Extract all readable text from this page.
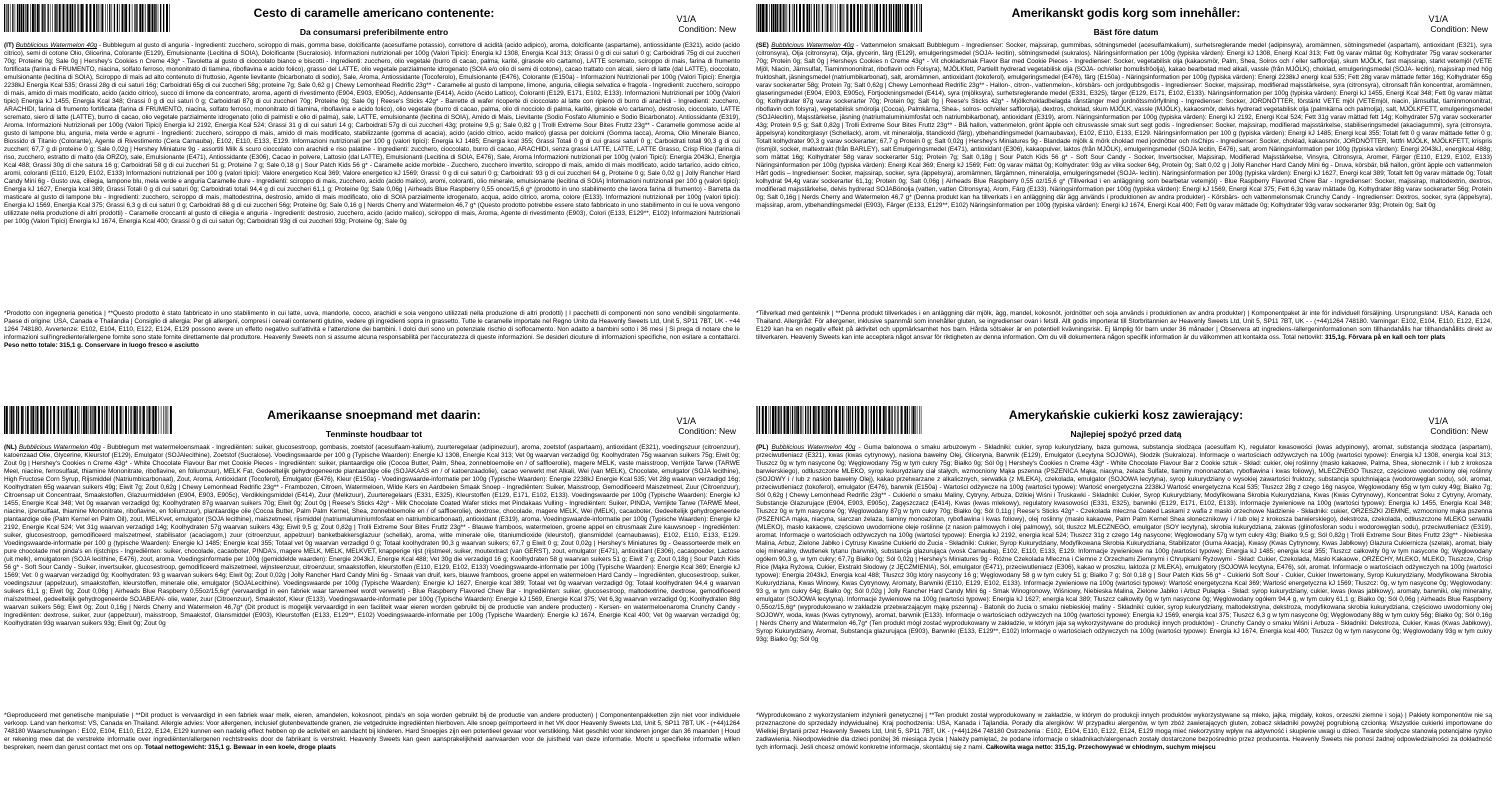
Cesto di caramelle americano contenente:
Da consumarsi preferibilmente entro
V1/A
Condition: New

(IT) Bubblicious Watermelon 40g - Bubblegum al gusto di anguria - Ingredienti: zucchero, sciroppo di mais, gomma base, dolcificante (acesulfame potassio), correttore di acidità (acido adipico), aroma, dolcificante (aspartame), antiossidante (E321), acido (acido citrico), semi di cotone Olio, Glicerina, Colorante (E129), Emulsionante (Lecitina di SOIA), Dolcificante (Sucralosio). Informazioni nutrizionali per 100g (Valori Tipici): Energia kJ 1308, Energia Kcal 313; Grassi 0 g di cui saturi 0 g; Carboidrati 75g di cui zuccheri 70g; Proteine 0g; Sale 0g | Hershey's Cookies n Creme 43g* - Tavoletta al gusto di cioccolato bianco e biscotti - Ingredienti: zucchero, olio vegetale (burro di cacao, palma, karité, girasole e/o cartamo), LATTE scremato, sciroppo di mais, farina di frumento fortificata (farina di FRUMENTO, niacina, solfato ferroso, mononitrato di tiamina, riboflavina e acido folico), grasso del LATTE, olio vegetale parzialmente idrogenato (SOIA e/o olio di semi di cotone), cacao trattato con alcali, siero di latte (dal LATTE), cioccolato, emulsionante (lecitina di SOIA), Sciroppo di mais ad alto contenuto di fruttosio, Agente lievitante (bicarbonato di sodio), Sale, Aroma, Antiossidante (Tocoferolo), Emulsionante (E476), Colorante (E150a) - Informazioni Nutrizionali per 100g (Valori Tipici): Energia 2238kJ Energia Kcal 535; Grassi 28g di cui saturi 16g; Carboidrati 65g di cui zuccheri 58g; proteine 7g; Sale 0,62 g | Chewy Lemonhead Redrific 23g** - Caramelle al gusto di lampone, limone, anguria, ciliegia selvatica e fragola - Ingredienti: zucchero, sciroppo di mais, amido di mais modificato, acido (acido citrico), succo di limone da concentrato, aroma, agenti di rivestimento (E904, E903, E905c), Addensante (E414), Acido (Acido Lattico), Coloranti (E129, E171, E102, E133). Informazioni Nutrizionali per 100g (Valori tipici) Energia kJ 1455, Energia Kcal 348; Grassi 0 g di cui saturi 0 g; Carboidrati 87g di cui zuccheri 70g; Proteine 0g; Sale 0g | Reese's Sticks 42g* - Barrette di wafer ricoperte di cioccolato al latte con ripieno di burro di arachidi - Ingredienti: zucchero, ARACHIDI, farina di frumento fortificata (farina di FRUMENTO, niacina, solfato ferroso, mononitrato di tiamina, riboflavina e acido folico), olio vegetale (burro di cacao, palma, olio di nocciolo di palma, karité, girasole e/o cartamo), destrosio, cioccolato, LATTE scremato, siero di latte (LATTE), burro di cacao, olio vegetale parzialmente idrogenato (olio di palmisti e olio di palma), sale, LATTE, emulsionante (lecitina di SOIA), Amido di Mais, Lievitante (Sodio Fosfato Alluminio e Sodio Bicarbonato). Antiossidante (E319), Aroma. Informazioni Nutrizionali per 100g (Valori Tipici) Energia kJ 2192, Energia Kcal 524; Grassi 31 g di cui saturi 14 g; Carboidrati 57g di cui zuccheri 43g; proteine 9,5 g; Sale 0,82 g | Trolli Extreme Sour Bites Fruttz 23g** - Caramelle gommose acide al gusto di lampone blu, anguria, mela verde e agrumi - Ingredienti: zucchero, sciroppo di mais, amido di mais modificato, stabilizzante (gomma di acacia), acido (acido citrico, acido malico) glassa per dolciumi (Gomma lacca), Aroma, Olio Minerale Bianco, Biossido di Titanio (Colorante), Agente di Rivestimento (Cera Carnauba), E102, E110, E133, E129. Informazioni nutrizionali per 100 g (valori tipici): Energia kJ 1485; Energia kcal 355; Grassi Totali 0 g di cui grassi saturi 0 g; Carboidrati totali 90,3 g di cui zuccheri; 67,7 g di proteine 0 g; Sale 0,02g | Hershey Miniature 9g - assortiti Milk & scuro cioccolato con arachidi e riso palatine - Ingredienti: zucchero, cioccolato, burro di cacao, ARACHIDI, senza grassi LATTE, LATTE, LATTE Grasso, Crisp Rice (farina di riso, zucchero, estratto di malto (da ORZO), sale, Emulsionante (E471), Antiossidante (E306), Cacao in polvere, Lattosio (dal LATTE), Emulsionanti (Lecitina di SOIA, E476), Sale, Aroma Informazioni nutrizionali per 100g (valori Tipici): Energia 2043kJ, Energia Kcal 488; Grassi 30g di che satura 16 g; Carboidrati 58 g di cui zuccheri 51 g; Proteine 7 g; Sale 0,18 g | Sour Patch Kids 56 g* - Caramelle acide morbide - Zucchero, zucchero invertito, sciroppo di mais, amido di mais modificato, acido tartarico, acido citrico, aromi, coloranti (E110, E129, E102, E133) Informazioni nutrizionali per 100 g (valori tipici): Valore energetico Kcal 369; Valore energetico kJ 1569; Grassi: 0 g di cui saturi 0 g; Carboidrati: 93 g di cui zuccheri 64 g, Proteine 0 g; Sale 0,02 g | Jolly Rancher Hard Candy Mini 6g - Gusto uva, ciliegia, lampone blu, mela verde e anguria Caramelle dure - Ingredienti: sciroppo di mais, zucchero, acido (acido malico), aromi, coloranti, olio minerale, emulsionante (lecitina di SOIA) Informazioni nutrizionali per 100 g (valori tipici): Energia kJ 1627, Energia kcal 389; Grassi Totali 0 g di cui saturi 0g; Carboidrati totali 94,4 g di cui zuccheri 61,1 g; Proteine 0g; Sale 0,06g | Airheads Blue Raspberry 0,55 once/15,6 g* (prodotto in uno stabilimento che lavora farina di frumento) - Barretta da masticare al gusto di lampone blu - Ingredienti: zucchero, sciroppo di mais, maltodestrina, destrosio, amido di mais modificato, olio di SOIA parzialmente idrogenato, acqua, acido citrico, aroma, colore (E133). Informazioni nutrizionali per 100g (valori tipici): Energia kJ 1569, Energia Kcal 375; Grassi 6,3 g di cui saturi 0 g; Carboidrati 88 g di cui zuccheri 56g; Proteine 0g; Sale 0,16 g | Nerds Cherry and Watermelon 46,7 g* (Questo prodotto potrebbe essere stato fabbricato in uno stabilimento in cui le uova vengono utilizzate nella produzione di altri prodotti) - Caramelle croccanti al gusto di ciliegia e anguria - Ingredienti: destrosio, zucchero, acido (acido malico), sciroppo di mais, Aroma, Agente di rivestimento (E903), Colori (E133, E129**, E102) Informazioni Nutrizionali per 100g (Valori Tipici) Energia kJ 1674, Energia Kcal 400; Grassi 0 g di cui saturi 0g; Carboidrati 93g di cui zuccheri 93g; Proteine 0g; Sale 0g

*Prodotto con ingegneria genetica | **Questo prodotto è stato fabbricato in uno stabilimento in cui latte, uova, mandorle, cocco, arachidi e soia vengono utilizzati nella produzione di altri prodotti) | I pacchetti di componenti non sono vendibili singolarmente. Paese di origine: USA, Canada e Thailandia | Consiglio di allergia: Per gli allergeni, compresi i cereali contenenti glutine, vedere gli ingredienti sopra in grassetto. Tutte le caramelle importate nel Regno Unito da Heavenly Sweets Ltd, Unit 5, SP11 7BT, UK - +44 1264 748180. Avvertenze: E102, E104, E110, E122, E124, E129 possono avere un effetto negativo sull'attività e l'attenzione dei bambini. I dolci duri sono un potenziale rischio di soffocamento. Non adatto a bambini sotto i 36 mesi | Si prega di notare che le informazioni sull'ingrediente/allergene fornite sono state fornite direttamente dal produttore. Heavenly Sweets non si assume alcuna responsabilità per l'accuratezza di queste informazioni. Se desideri dicuture di informazioni specifiche, non esitare a contattarci. Peso netto totale: 315,1 g. Conservare in luogo fresco e asciutto

Amerikanskt godis korg som innehåller:
Bäst före datum
V1/A
Condition: New

(SE) Bubblicious Watermelon 40g - Vattenmelon smaksatt Bubblegum - Ingredienser: Socker, majssirap, gummibas, sötningsmedel (acesulfamkalium), surhetsreglerande medel (adipinsyra), aromämnen, sötningsmedel (aspartam), antioxidant (E321), syra (citronsyra), Olja (citronsyra), Olja, glycerin, färg (E129), emulgeringsmedel (SOJA- lecitin), sötningsmedel (sukralos). Näringsinformation per 100g (typiska värden): Energi kJ 1308, Energi Kcal 313; Fett 0g varav mättat 0g; Kolhydrater 75g varav sockerarter 70g; Protein 0g; Salt 0g | Hersheys Cookies n Creme 43g* - Vit chokladsmak Flavor Bar med Cookie Pieces - Ingredienser: Socker, vegetabilisk olja (kakaosmör, Palm, Shea, Solros och / eller safflorolja), skum MJÖLK, fast majssirap, starkt vetemjöl (VETE Mjöl, Niacin, Järnsulfat, Tiaminmononitrat, riboflavin och Folsyra), MJÖLKfett, Partiellt hydrerad vegetabilisk olja (SOJA- och/eller bomullsfröolja), kakao bearbetad med alkali, vassle (från MJÖLK), choklad, emulgeringsmedel (SOJA- lecitin), majssirap med hög fruktoshalt, jäsningsmedel (natriumbikarbonat), salt, aromämnen, antioxidant (tokoferol), emulgeringsmedel (E476), färg (E150a) - Näringsinformation per 100g (typiska värden): Energi 2238kJ energi kcal 535; Fett 28g varav mättade fetter 16g; Kolhydrater 65g varav sockerarter 58g; Protein 7g; Salt 0,62g | Chewy Lemonhead Redrific 23g** - Hallon-, citron-, vattenmelon-, körsbärs- och jordgubbsgodis - Ingredienser: Socker, majssirap, modifierad majsstärkelse, syra (citronsyra), citronsaft från koncentrat, aromämnen, glaseringsmedel (E904, E903, E905c), Förtjockningsmedel (E414), syra (mjölksyra), surhetsreglerande medel (E331, E325), färger (E129, E171, E102, E133). Näringsinformation per 100g (typiska värden): Energi kJ 1455, Energi Kcal 348; Fett 0g varav mättat 0g; Kolhydrater 87g varav sockerarter 70g; Protein 0g; Salt 0g | Reese's Sticks 42g* - Mjölkchokladbelagda rånstänger med jordnötssmörfyllning - Ingredienser: Socker, JORDNÖTTER, förstärkt VETE mjöl (VETEmjöl, niacin, järnsulfat, tiaminmononitrat, riboflavin och folsyra), vegetabilisk smörolja (Cocoa), Palmkärna, Shea-, solros- och/eller safflorolja), dextros, choklad, skum MJÖLK, vassle (MJÖLK), kakaosmör, delvis hydrerad vegetabilisk olja (palmkärna och palmolja), salt, MJÖLKFETT, emulgeringsmedel (SOJAlecitin), Majsstärkelse, jäsning (natriumaluminiumfosfat och natriumbikarbonat), antioxidant (E319), arom. Näringsinformation per 100g (typiska värden): Energi kJ 2192, Energi Kcal 524; Fett 31g varav mättad fett 14g; Kolhydrater 57g varav sockerarter 43g; Protein 9,5 g; Salt 0,82g | Trolli Extreme Sour Bites Fruttz 23g** - Blå hallon, vattenmelon, grönt äpple och citrusvassle smak surt segt godis - Ingredienser: Socker, majssirap, modifierad majsstärkelse, stabiliseringsmedel (akaciagummi), syra (citronsyra, äppelsyra) konditorglasyr (Schellack), arom, vit mineralolja, titandioxid (färg), ytbehandlingsmedel (karnaubavax), E102, E110, E133, E129. Näringsinformation per 100 g (typiska värden): Energi kJ 1485; Energi kcal 355; Totalt fett 0 g varav mättade fetter 0 g; Totalt kolhydrater 90,3 g varav sockerarter; 67,7 g Protein 0 g; Salt 0,02g | Hershey's Miniatures 9g - Blandade mjölk & mörk choklad med jordnötter och risChips - Ingredienser: Socker, choklad, kakaosmör, JORDNÖTTER, fettfri MJÖLK, MJÖLKFETT, krispris (rismjöl, socker, maltextrakt (från BARLEY), salt Emulgeringsmedel (E471), antioxidant (E306), kakaopulver, laktos (från MJÖLK), emulgeringsmedel (SOJA lecitin, E476), salt, arom Näringsinformation per 100g (typiska värden): Energi 2043kJ, energikcal 488g; som mättat 16g; Kolhydrater 58g varav sockerarter 51g; Protein 7g; Salt 0,18g | Sour Patch Kids 56 g* - Soft Sour Candy - Socker, Invertsocker, Majssirap, Modifierad Majsstärkelse, Vinsyra, Citronsyra, Aromer, Färger (E110, E129, E102, E133) Näringsinformation per 100g (typiska värden): Energi Kcal 369; Energi kJ 1569; Fett: 0g varav mättat 0g; Kolhydrater: 93g av vilka socker 64g, Protein 0g; Salt 0,02 g | Jolly Rancher Hard Candy Mini 6g - Druva, körsbär, blå hallon, grönt äpple och vattenmelon Hårt godis – Ingredienser: Socker, majssirap, socker, syra (äppelsyra), aromämnen, färgämnen, mineralolja, emulgeringsmedel (SOJA- lecitin). Näringsinformation per 100g (typiska värden): Energi kJ 1627, Energi kcal 389; Totalt fett 0g varav mättade 0g; Totalt kolhydrat 94,4g varav sockerarter 61,1g; Protein 0g; Salt 0,06g | Airheads Blue Raspberry 0,55 oz/15,6 g* (Tillverkad i en anläggning som bearbetar vetemjöl) - Blue Raspberry Flavored Chew Bar - Ingredienser: Socker, majssirap, maltodextrin, dextros, modifierad majsstärkelse, delvis hydrerad SOJABönolja (vatten, vatten Citronsyra), Arom, Färg (E133). Näringsinformation per 100g (typiska värden): Energi kJ 1569, Energi Kcal 375; Fett 6,3g varav mättade 0g, Kolhydrater 88g varav sockerarter 56g; Protein 0g; Salt 0,16g | Nerds Cherry and Watermelon 46,7 g* (Denna produkt kan ha tillverkats i en anläggning där ägg används i produktionen av andra produkter) - Körsbärs- och vattenmelonsmak Crunchy Candy - Ingredienser: Dextros, socker, syra (äppelsyra), majssirap, arom, ytbehandlingsmedel (E903), Färger (E133, E129**, E102) Näringsinformation per 100g (typiska värden): Energi kJ 1674, Energi Kcal 400; Fett 0g varav mättade 0g; Kolhydrater 93g varav sockerarter 93g; Protein 0g; Salt 0g

*Tillverkad med genteknik | **Denna produkt tillverkades i en anläggning där mjölk, ägg, mandel, kokosnöt, jordnötter och soja används i produktionen av andra produkter) | Komponentpaket är inte för individuell försäljning. Ursprungsland: USA, Kanada och Thailand. Allergiråd: För allergener, inklusive spannmål som innehåller gluten, se ingredienser ovan i fetstil. Allt godis importerat till Storbritannien av Heavenly Sweets Ltd, Unit 5, SP11 7BT, UK - - (+44)1264 748180. Varningar: E102, E104, E110, E122, E124, E129 kan ha en negativ effekt på aktivitet och uppmärksamhet hos barn. Hårda sötsaker är en potentiell kvävningsrisk. Ej lämplig för barn under 36 månader | Observera att ingrediens-/allergeninformationen som tillhandahålls har tillhandahållits direkt av tillverkaren. Heavenly Sweets kan inte acceptera något ansvar för riktigheten av denna information. Om du vill dokumentera någon specifik information är du välkommen att kontakta oss. Total nettovikt: 315,1g. Förvara på en kall och torr plats

Amerikaanse snoepmand met daarin:
Tenminste houdbaar tot
V1/A
Condition: New

(NL) Bubblicious Watermelon 40g - Bubblegum met watermeloensmaak - Ingrediënten: suiker, glucosestroop, gombasis, zoetstof (acesulfaam-kalium), zuurteregelaar (adipinezuur), aroma, zoetstof (aspartaam), antioxidant (E321), voedingszuur (citroenzuur), katoenzaad Olie, Glycerine, Kleurstof (E129), Emulgator (SOJAlecithine), Zoetstof (Sucralose). Voedingswaarde per 100 g (Typische Waarden): Energie kJ 1308, Energie Kcal 313; Vet 0g waarvan verzadigd 0g; Koolhydraten 75g waarvan suikers 75g; Eiwit 0g; Zout 0g | Hershey's Cookies n Creme 43g* - White Chocolate Flavour Bar met Cookie Pieces - Ingrediënten: suiker, plantaardige olie (Cocoa Butter, Palm, Shea, zonnebloemolie en / of saffloerolie), magere MELK, vaste maisstroop, Verrijkte Tarwe (TARWE Meel, niacine, ferrosulfaat, thiamine Mononitrate, riboflavine, en foliumzuur), MELK Fat, Gedeeltelijk gehydrogeneerde plantaardige olie (SOJAKAAS en / of katoenzaadolie), cacao verwerkt met Alkali, Wei (van MELK), Chocolate, emulgator (SOJA lecithine), High Fructose Corn Syrup, Rijsmiddel (Natriumbicarbonaat), Zout, Aroma, Antioxidant (Tocoferol), Emulgator (E476), Kleur (E150a) - Voedingswaarde-informatie per 100g (Typische Waarden): Energie 2238kJ Energie Kcal 535; Vet 28g waarvan verzadigd 16g; Koolhydraten 65g waarvan suikers 49g; Eiwit 7g; Zout 0,62g | Chewy Lemonhead Redrific 23g** - Frambozen, Citroen, Watermeloen, Wilde Kers en Aardbeien Smaak Snoep - Ingrediënten: Suiker, Maisstroop, Gemodificeerd Maiszetmeel, Zuur (Citroenzuur), Citroensap uit Concentraat, Smaakstoffen, Glazuurmiddelen (E904, E903, E905c), Verdikkingsmiddel (E414), Zuur (Melkzuur), Zuurteregelaars (E331, E325), Kleurstoffen (E129, E171, E102, E133). Voedingswaarde per 100g (Typische Waarden): Energie kJ 1455, Energie Kcal 348; Vet 0g waarvan verzadigd 0g; Koolhydraten 87g waarvan suikers 70g; Eiwit 0g; Zout 0g | Reese's Sticks 42g* - Milk Chocolate Coated Wafer sticks met Pindakaas Vulling - Ingrediënten: Suiker, PINDA, Verrijkte Tarwe (TARWE Meel, niacine, ijzersulfaat, thiamine Mononitrate, riboflavine, en foliumzuur), plantaardige olie (Cocoa Butter, Palm Palm Kernel, Shea, zonnebloemolie en / of saffloerolie), dextrose, chocolade, magere MELK, Wei (MELK), cacaoboter, Gedeeltelijk gehydrogeneerde plantaardige olie (Palm Kernel en Palm Oil), zout, MELKvet, emulgator (SOJA lecithine), maiszetmeel, rijsmiddel (natriumaluminiumfosfaat en natriumbicarbonaat), antioxidant (E319), aroma. Voedingswaarde-informatie per 100g (Typische Waarden): Energie kJ 2192, Energie Kcal 524; Vet 31g waarvan verzadigd 14g; Koolhydraten 57g waarvan suikers 43g; Eiwit 9,5 g; Zout 0,82g | Trolli Extreme Sour Bites Fruttz 23g** - Blauwe framboos, watermeloen, groene appel en citrusmaak Zure kauwsnoep - Ingrediënten: suiker, glucosestroop, gemodificeerd maïszetmeel, stabilisator (acaciagom,) zuur (citroenzuur, appelzuur) banketbakkersglazuur (schellak), aroma, witte minerale olie, titaniumdioxide (kleurstof), glansmiddel (carnaubawas), E102, E110, E133, E129. Voedingswaarde-informatie per 100 g (typische Waarden): Energie kJ 1485; Energie kcal 355; Totaal vet 0g waarvan verzadigd 0 g; Totaal koolhydraten 90,3 g waarvan suikers; 67,7 g Eiwit 0 g; Zout 0,02g | Hershey's Miniatures 9g - Geassorteerde melk en pure chocolade met pinda's en rijstchips - Ingrediënten: suiker, chocolade, cacaoboter, PINDA's, magere MELK, MELK, MELKVET, knapperige rijst (rijstmeel, suiker, moutextract (van GERST), zout, emulgator (E471), antioxidant (E306), cacaopoeder, Lactose (uit melk), emulgatoren (SOJA lecithine, E476), zout, aroma. Voedingsinformatie per 100g (gemiddelde waarden): Energie 2043kJ, Energie Kcal 488; Vet 30g die verzadigd 16 g; Koolhydraten 58 g waarvan suikers 51 g; Eiwit 7 g; Zout 0,18g | Sour Patch Kids 56 g* - Soft Sour Candy - Suiker, invertsuiker, glucosestroop, gemodificeerd maïszetmeel, wijnsteenzuur, citroenzuur, smaakstoffen, kleurstoffen (E110, E129, E102, E133) Voedingswaarde-informatie per 100g (Typische Waarden): Energie Kcal 369; Energie kJ 1569; Vet: 0 g waarvan verzadigd 0g; Koolhydraten: 93 g waarvan suikers 64g; Eiwit 0g; Zout 0,02g | Jolly Rancher Hard Candy Mini 6g - Smaak van druif, kers, blauwe framboos, groene appel en watermeloen Hard Candy – Ingrediënten, glucosestroop, suiker, voedingszuur (appelzuur), smaakstoffen, kleurstoffen, minerale olie, emulgator (SOJALecithine). Voedingswaarde per 100g (Typische Waarden): Energie kJ 1627, Energie kcal 389; Totaal vet 0g waarvan verzadigd 0g; Totaal koolhydraten 94,4 g waarvan suikers 61,1 g; Eiwit 0g; Zout 0,06g | Airheads Blue Raspberry 0,55oz/15,6g* (vervaardigd in een fabriek waar tarwemeel wordt verwerkt) - Blue Raspberry Flavored Chew Bar - Ingrediënten: suiker, glucosestroop, maltodextrine, dextrose, gemodificeerd maïszetmeel, gedeeltelijk gehydrogeneerde SOJABEAN- olie, water, zuur (Citroenzuur), Smaakstof, Kleur (E133). Voedingswaarde-informatie per 100g (Typische Waarden): Energie kJ 1569, Energie Kcal 375; Vet 6,3g waarvan verzadigd 0g; Koolhydraten 88g waarvan suikers 56g; Eiwit 0g; Zout 0,16g | Nerds Cherry and Watermelon 46,7g* (Dit product is mogelijk vervaardigd in een faciliteit waar eieren worden gebruikt bij de productie van andere producten) - Kersen- en watermeloenaroma Crunchy Candy - Ingrediënten: dextrose, suiker, zuur (appelzuur), maisstroop, Smaakstof, Glansmiddel (E903), Kleurstoffen (E133, E129**, E102) Voedingswaarde-informatie per 100g (Typische Waarden): Energie kJ 1674, Energie Kcal 400; Vet 0g waarvan verzadigd 0g; Koolhydraten 93g waarvan suikers 93g; Eiwit 0g; Zout 0g

*Geproduceerd met genetische manipulatie | **Dit product is vervaardigd in een fabriek waar melk, eieren, amandelen, kokosnoot, pinda's en soja worden gebruikt bij de productie van andere producten) | Componentenpakketten zijn niet voor individuele verkoop. Land van herkomst: VS, Canada en Thailand. Allergie advies: Voor allergenen, inclusief glutenbevattende granen, zie vetgedrukte ingrediënten hierboven. Alle snoep geïmporteerd in het VK door Heavenly Sweets Ltd, Unit 5, SP11 7BT, UK - (+44)1264 748180 Waarschuwingen : E102, E104, E110, E122, E124, E129 kunnen een nadelig effect hebben op de activiteit en aandacht bij kinderen. Hard Snoepjes zijn een potentieel gevaar voor verstikking. Niet geschikt voor kinderen jonger dan 36 maanden | Houd er rekening mee dat de verstrekte informatie over ingrediënten/allergenen rechtstreeks door de fabrikant is verstrekt. Heavenly Sweets kan geen aansprakelijkheid aanvaarden voor de juistheid van deze informatie. Mocht u specifieke informatie willen bespreken, neem dan gerust contact met ons op. Totaal nettogewicht: 315,1 g. Bewaar in een koele, droge plaats

Amerykańskie cukierki kosz zawierający:
Najlepiej spożyć przed datą
V1/A
Condition: New

(PL) Bubblicious Watermelon 40g - Guma balonowa o smaku arbuzowym - Składniki: cukier, syrop kukurydziany, baza gumowa, substancja słodząca (acesulfam K), regulator kwasowości (kwas adypinowy), aromat, substancja słodząca (aspartam), przeciwutleniacz (E321), kwas (kwas cytrynowy), nasiona bawełny Olej, Gliceryna, Barwnik (E129), Emulgator (Lecytyna SOJOWA), Słodzik (Sukraloza). Informacje o wartościach odżywczych na 100g (wartości typowe): Energia kJ 1308, energia kcal 313; Tłuszcz 0g w tym nasycone 0g; Węglowodany 75g w tym cukry 75g; Białko 0g; Sól 0g | Hershey's Cookies n Creme 43g* - White Chocolate Flavour Bar z Cookie sztuk - Skład: cukier, olej roślinny (masło kakaowe, Palma, Shea, słonecznik i / lub z krokosza barwierskiego), odtłuszczone MLEKO, syrop kukurydziany ciał stałych, wzmocniony Mąka pszenna (PSZENICA Mąka, niacyna, żelaza Sulfate, tiaminy mononazotan, ryboflawina i kwas foliowy), MLECZNEGO Tłuszcz, częściowo uwodorniony olej roślinny (SOJOWY i / lub z nasion bawełny Olej), kakao przetwarzane z alkalicznych, serwatka (z MLEKA), czekolada, emulgator (SOJOWA lecytyna), syrop kukurydziany o wysokiej zawartości fruktozy, substancja spulchniająca (wodorowęglan sodu), sól, aromat, przeciwutleniacz (tokoferol), emulgator (E476), barwnik (E150a) - Wartości odżywcze na 100g (wartości typowe): Wartość energetyczna 2238kJ Wartość energetyczna Kcal 535; Tłuszcz 28g z czego 16g nasyce, Węglowodany 65g w tym cukry 49g; Białko 7g; Sól 0,62g | Chewy Lemonhead Redrific 23g** - Cukierki o smaku Maliny, Cytryny, Arbuza, Dzikiej Wiśni i Truskawki - Składniki: Cukier, Syrop Kukurydziany, Modyfikowana Skrobia Kukurydziana, Kwas (Kwas Cytrynowy), Koncentrat Soku z Cytryny, Aromaty, Substancje Glazurujące (E904, E903, E905c), Zagęszczacz (E414), Kwas (kwas mlekowy), regulatory kwasowości (E331, E325), barwniki (E129, E171, E102, E133). Informacje żywieniowe na 100g (wartości typowe): Energia kJ 1455, Energia Kcal 348; Tłuszcz 0g w tym nasycone 0g; Węglowodany 87g w tym cukry 70g; Białko 0g; Sól 0,11g | Reese's Sticks 42g* - Czekolada mleczna Coated Laskami z wafla z masło orzechowe Nadzienie - Składniki: cukier, ORZESZKI ZIEMNE, wzmocniony mąka pszenna (PSZENICA mąka, niacyna, siarczan żelaza, tiaminy monoazotan, ryboflawina i kwas foliowy), olej roślinny (masło kakaowe, Palm Palm Kernel Shea słonecznikowy i / lub olej z krokosza barwierskiego), dekstroza, czekolada, odtłuszczone MLEKO serwatki (MLEKO), masło kakaowe, częściowo uwodornione oleje roślinne (z nasion palmowych i olej palmowy), sól, tłuszcz MLECZNEGO, emulgator (SOY lecytyna), skrobia kukurydziana, zakwas (glinofosforan sodu i wodorowęglan sodu), przeciwutleniacz (E319), aromat. Informacje o wartościach odżywczych na 100g (wartości typowe): Energia kJ 2192, energia kcal 524; Tłuszcz 31g z czego 14g nasycone; Węglowodany 57g w tym cukry 43g; Białko 9,5 g; Sól 0,82g | Trolli Extreme Sour Bites Fruttz 23g** - Niebieska Malina, Arbuz, Zielone Jabłko i Cytrusy Kwaśne Cukierki do Żucia - Składniki: Cukier, Syrop Kukurydziany, Modyfikowana Skrobia Kukurydziana, Stabilizator (Guma Akacja), Kwasy (Kwas Cytrynowy, Kwas Jabłkowy) Glazura Cukiernicza (szelak), aromat, biały olej mineralny, dwutlenek tytanu (barwnik), substancja glazurująca (wosk Carnauba), E102, E110, E133, E129. Informacje żywieniowe na 100g (wartości typowe): Energia kJ 1485; energia kcal 355; Tłuszcz całkowity 0g w tym nasycone 0g; Węglowodany ogółem 90,3 g, w tym cukry; 67,7g Białko 0g; Sól 0,02g | Hershey's Miniatures 9g - Różne Czekolada Mleczna i Ciemne z Orzechami Ziemnymi i Chrupkami Ryżowymi - Skład: Cukier, Czekolada, Masło Kakaowe, ORZECHY, MLEKO, MLEKO, Tłuszcze, Crisp Rice (Mąka Ryżowa, Cukier, Ekstrakt Słodowy (z JĘCZMIENIA), Sól, emulgator (E471), przeciwutleniacz (E306), kakao w proszku, laktoza (z MLEKA), emulgatory (SOJOWA lecytyna, E476), sól, aromat. Informacje o wartościach odżywczych na 100g (wartości typowe): Energia 2043kJ, Energia kcal 488; Tłuszcz 30g który nasycony 16 g; Węglowodany 58 g w tym cukry 51 g; Białko 7 g; Sól 0,18 g | Sour Patch Kids 56 g* - Cukierki Soft Sour - Cukier, Cukier Inwertowany, Syrop Kukurydziany, Modyfikowana Skrobia Kukurydziana, Kwas Winowy, Kwas Cytrynowy, Aromaty, Barwniki (E110, E129, E102, E133). Informacje żywieniowe na 100g (wartości typowe): Wartość energetyczna Kcal 369; Wartość energetyczna kJ 1569; Tłuszcz: 0g, w tym nasycone 0g; Węglowodany: 93 g, w tym cukry 64g; Białko 0g; Sól 0,02g | Jolly Rancher Hard Candy Mini 6g - Smak Winogronowy, Wiśniowy, Niebieska Malina, Zielone Jabłko i Arbuz Pułapka - Skład: syrop kukurydziany, cukier, kwas (kwas jabłkowy), aromaty, barwniki, olej mineralny, emulgator (SOJOWA lecytyna). Informacje żywieniowe na 100g (wartości typowe): Energia kJ 1627; energia kcal 389; Tłuszcz całkowity 0g w tym nasycone 0g; Węglowodany ogółem 94,4 g, w tym cukry 61,1 g; Białko 0g; Sól 0,06g | Airheads Blue Raspberry 0,55oz/15,6g* (wyprodukowano w zakładzie przetwarzającym mąkę pszenną) - Batonik do żucia o smaku niebieskiej maliny - Składniki: cukier, syrop kukurydziany, maltodekstryna, dekstroza, modyfikowana skrobia kukurydziana, częściowo uwodorniony olej SOJOWY, woda, kwas (Kwas cytrynowy), aromat, barwnik (E133). Informacje o wartościach odżywczych na 100g (wartości typowe): Energia kJ 1569, energia kcal 375; Tłuszcz 6,3 g w tym nasycone 0g; Węglowodany 88g w tym cukry 56g; Białko 0g; Sól 0,16g | Nerds Cherry and Watermelon 46,7g* (Ten produkt mógł zostać wyprodukowany w zakładzie, w którym jaja są wykorzystywane do produkcji innych produktów) - Crunchy Candy o smaku Wiśni i Arbuza - Składniki: Dekstroza, Cukier, Kwas (Kwas Jabłkowy), Syrop Kukurydziany, Aromat, Substancja glazurująca (E903), Barwniki (E133, E129**, E102) Informacje o wartościach odżywczych na 100g (wartości typowe): Energia kJ 1674, Energia kcal 400; Tłuszcz 0g w tym nasycone 0g; Węglowodany 93g w tym cukry 93g; Białko 0g; Sól 0g

*Wyprodukowano z wykorzystaniem inżynierii genetycznej | **Ten produkt został wyprodukowany w zakładzie, w którym do produkcji innych produktów wykorzystywane są mleko, jajka, migdały, kokos, orzeszki ziemne i soja) | Pakiety komponentów nie są przeznaczone do sprzedaży indywidualnej. Kraj pochodzenia: USA, Kanada i Tajlandia. Porady dla alergików: W przypadku alergenów, w tym zbóż zawierających gluten, zobacz składniki powyżej pogrubioną czcionką. Wszystkie cukierki importowane do Wielkiej Brytanii przez Heavenly Sweets Ltd, Unit 5, SP11 7BT, UK - (+44)1264 748180 Ostrzeżenia : E102, E104, E110, E122, E124, E129 mogą mieć niekorzystny wpływ na aktywność i skupienie uwagi u dzieci. Twarde słodycze stanowią potencjalne ryzyko zadławienia. Nieodpowiednie dla dzieci poniżej 36 miesiąca życia | Należy pamiętać, że podane informacje o składnikach/alergenach zostały dostarczone bezpośrednio przez producenta. Heavenly Sweets nie ponosi żadnej odpowiedzialności za dokładność tych informacji. Jeśli chcesz omówić konkretne informacje, skontaktuj się z nami. Całkowita waga netto: 315,1g. Przechowywać w chłodnym, suchym miejscu
